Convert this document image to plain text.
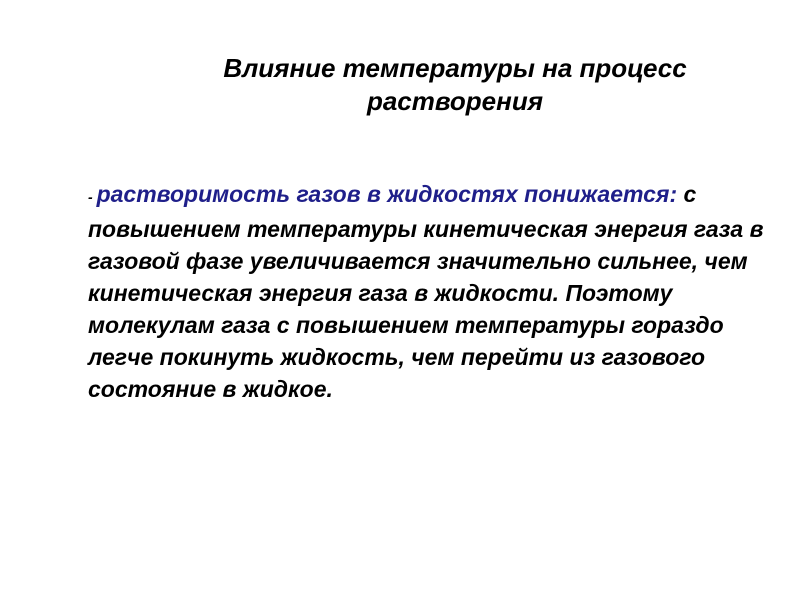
Влияние температуры на процесс
растворения
- растворимость газов в жидкостях понижается: с повышением температуры кинетическая энергия газа в газовой фазе увеличивается значительно сильнее, чем кинетическая энергия газа в жидкости. Поэтому молекулам газа с повышением температуры гораздо легче покинуть жидкость, чем перейти из газового состояние в жидкое.
